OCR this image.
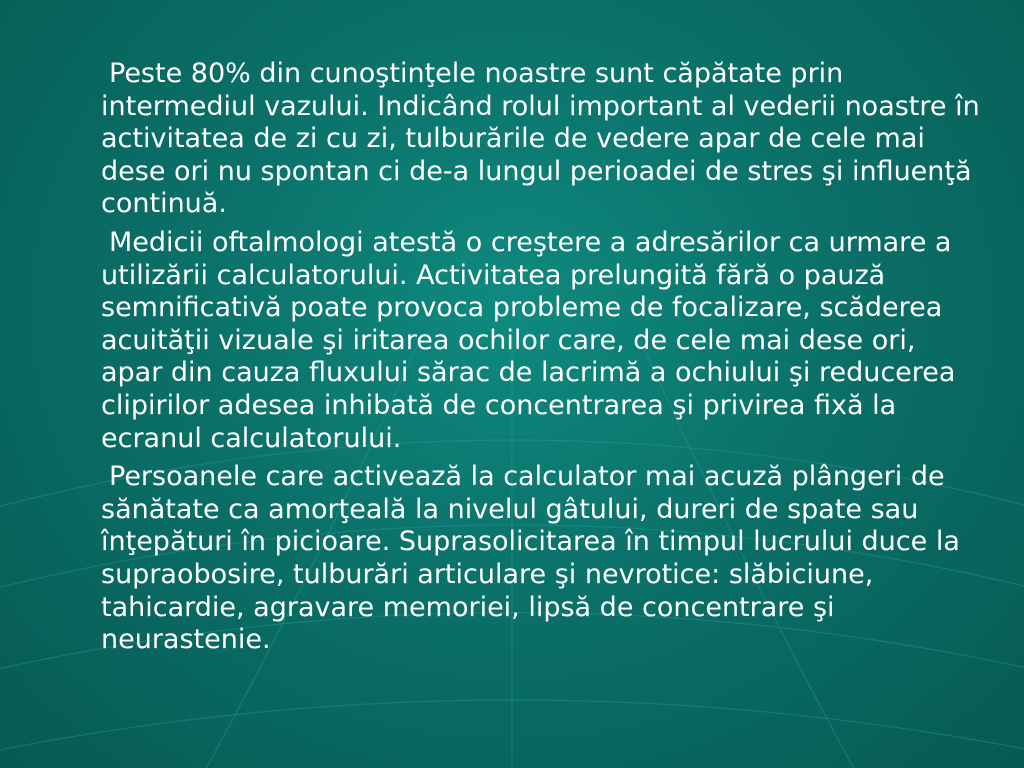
Peste 80% din cunoştinţele noastre sunt căpătate prin intermediul vazului. Indicând rolul important al vederii noastre în activitatea de zi cu zi, tulburările de vedere apar de cele mai dese ori nu spontan ci de-a lungul perioadei de stres şi influenţă continuă.

Medicii oftalmologi atestă o creştere a adresărilor ca urmare a utilizării calculatorului. Activitatea prelungită fără o pauză semnificativă poate provoca probleme de focalizare, scăderea acuităţii vizuale şi iritarea ochilor care, de cele mai dese ori, apar din cauza fluxului sărac de lacrimă a ochiului şi reducerea clipirilor adesea inhibată de concentrarea şi privirea fixă la ecranul calculatorului.

Persoanele care activează la calculator mai acuză plângeri de sănătate ca amorţeală la nivelul gâtului, dureri de spate sau înţepături în picioare. Suprasolicitarea în timpul lucrului duce la supraobosire, tulburări articulare şi nevrotice: slăbiciune, tahicardie, agravare memoriei, lipsă de concentrare şi neurastenie.
